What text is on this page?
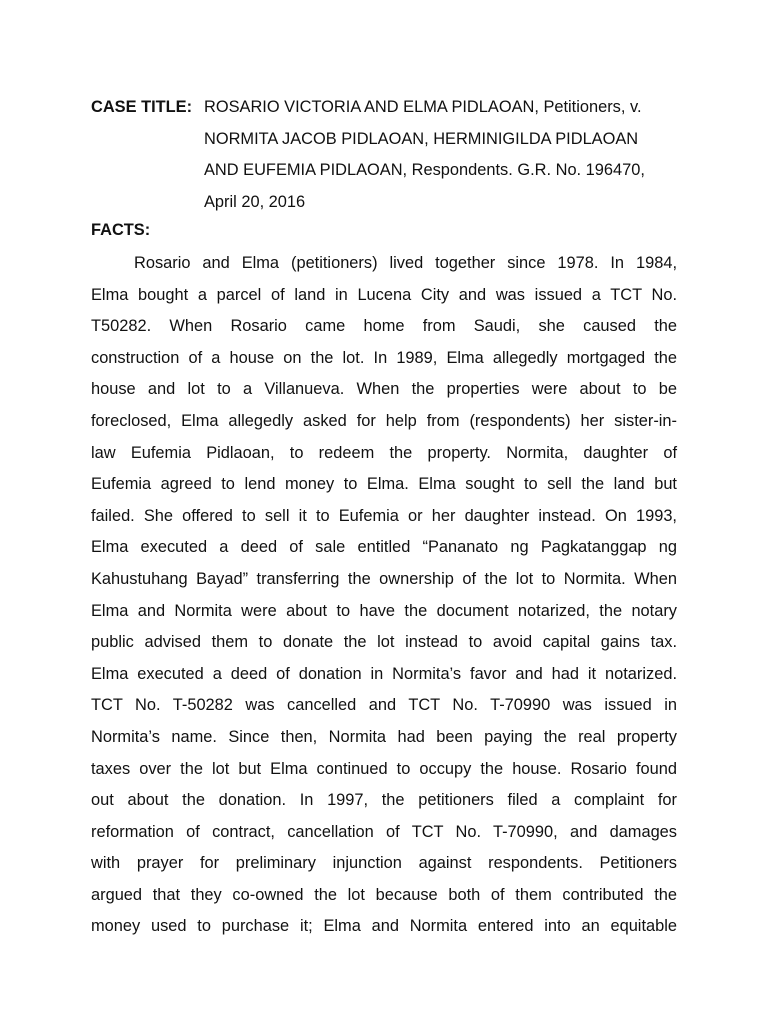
CASE TITLE: ROSARIO VICTORIA AND ELMA PIDLAOAN, Petitioners, v.
NORMITA JACOB PIDLAOAN, HERMINIGILDA PIDLAOAN
AND EUFEMIA PIDLAOAN, Respondents. G.R. No. 196470,
April 20, 2016
FACTS:
Rosario and Elma (petitioners) lived together since 1978. In 1984,
Elma bought a parcel of land in Lucena City and was issued a TCT No.
T50282. When Rosario came home from Saudi, she caused the
construction of a house on the lot. In 1989, Elma allegedly mortgaged the
house and lot to a Villanueva. When the properties were about to be
foreclosed, Elma allegedly asked for help from (respondents) her sister-in-
law Eufemia Pidlaoan, to redeem the property. Normita, daughter of
Eufemia agreed to lend money to Elma. Elma sought to sell the land but
failed. She offered to sell it to Eufemia or her daughter instead. On 1993,
Elma executed a deed of sale entitled “Pananato ng Pagkatanggap ng
Kahustuhang Bayad” transferring the ownership of the lot to Normita. When
Elma and Normita were about to have the document notarized, the notary
public advised them to donate the lot instead to avoid capital gains tax.
Elma executed a deed of donation in Normita’s favor and had it notarized.
TCT No. T-50282 was cancelled and TCT No. T-70990 was issued in
Normita’s name. Since then, Normita had been paying the real property
taxes over the lot but Elma continued to occupy the house. Rosario found
out about the donation. In 1997, the petitioners filed a complaint for
reformation of contract, cancellation of TCT No. T-70990, and damages
with prayer for preliminary injunction against respondents. Petitioners
argued that they co-owned the lot because both of them contributed the
money used to purchase it; Elma and Normita entered into an equitable
